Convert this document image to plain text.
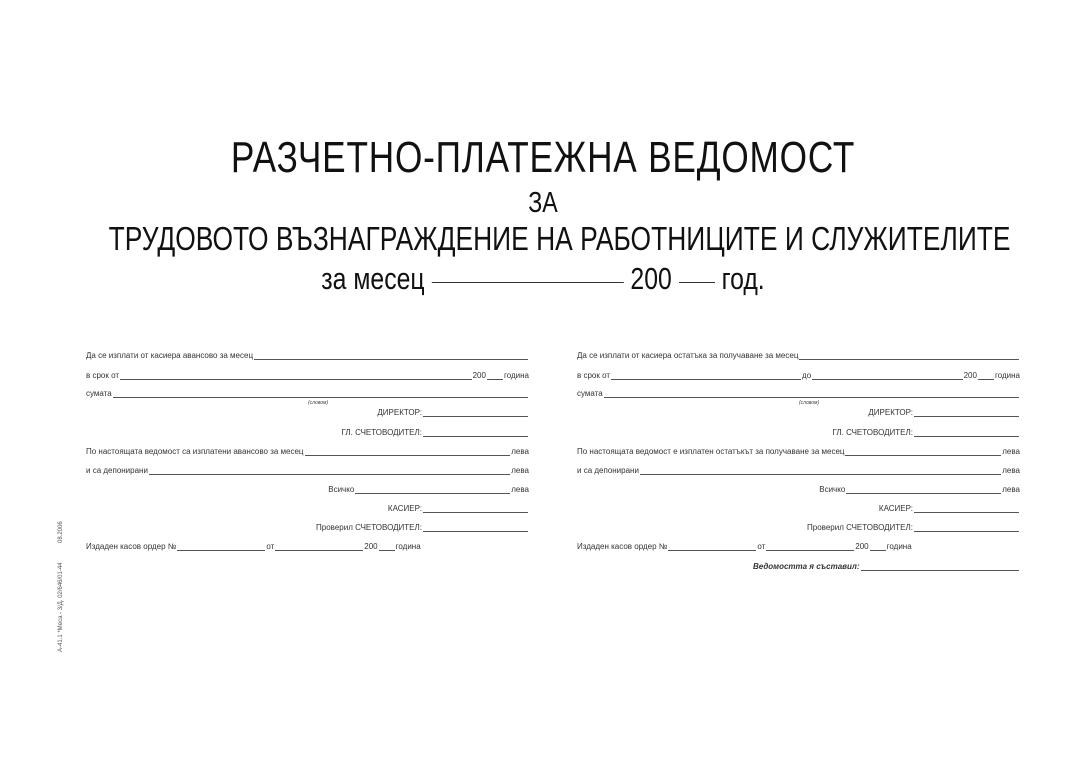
РАЗЧЕТНО-ПЛАТЕЖНА ВЕДОМОСТ
ЗА
ТРУДОВОТО ВЪЗНАГРАЖДЕНИЕ НА РАБОТНИЦИТЕ И СЛУЖИТЕЛИТЕ
за месец	200 год.
Да се изплати от касиера авансово за месец
в срок от	200 година
сумата
(словом)
ДИРЕКТОР:
ГЛ. СЧЕТОВОДИТЕЛ:
По настоящата ведомост са изплатени авансово за месец	лева
и са депонирани	лева
Всичко	лева
КАСИЕР:
Проверил СЧЕТОВОДИТЕЛ:
Издаден касов ордер №	от	200 година
Да се изплати от касиера остатъка за получаване за месец
в срок от	до	200 година
сумата
(словом)
ДИРЕКТОР:
ГЛ. СЧЕТОВОДИТЕЛ:
По настоящата ведомост е изплатен остатъкът за получаване за месец	лева
и са депонирани	лева
Всичко	лева
КАСИЕР:
Проверил СЧЕТОВОДИТЕЛ:
Издаден касов ордер №	от	200 година
Ведомостта я съставил:
А-41.1 *Меса - 3/Д. 02/646/01-44
08.2006
